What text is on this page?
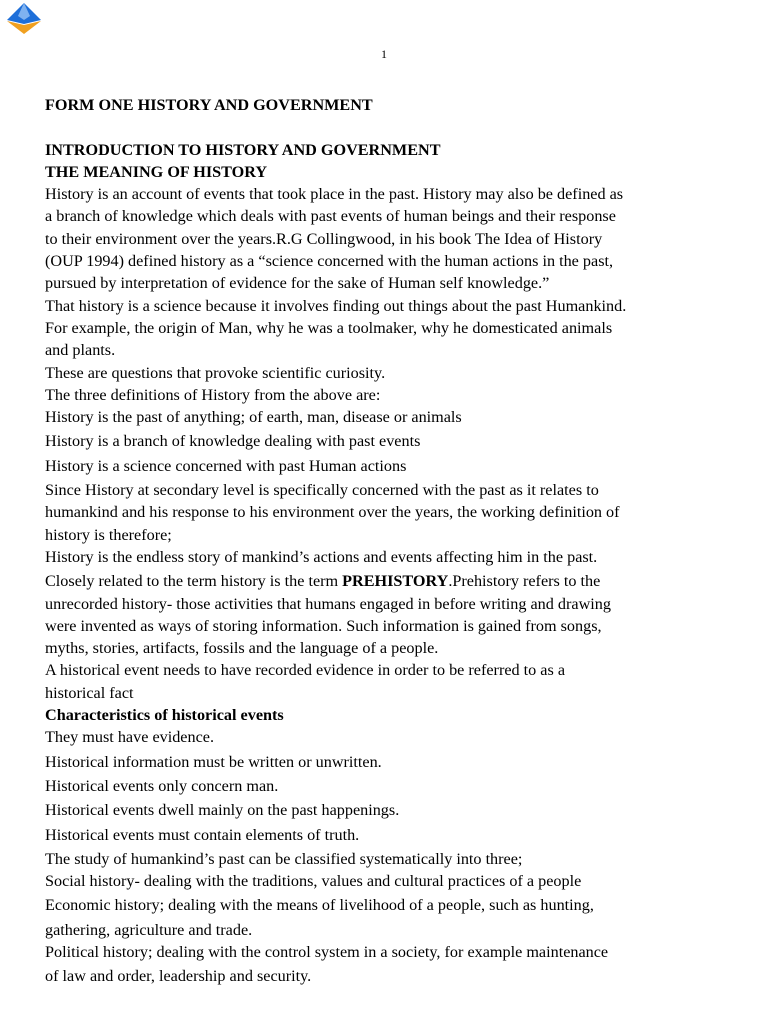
1
FORM ONE HISTORY AND GOVERNMENT
INTRODUCTION TO HISTORY AND GOVERNMENT
THE MEANING OF HISTORY
History is an account of events that took place in the past. History may also be defined as
a branch of knowledge which deals with past events of human beings and their response
to their environment over the years.R.G Collingwood, in his book The Idea of History
(OUP 1994) defined history as a “science concerned with the human actions in the past,
pursued by interpretation of evidence for the sake of Human self knowledge.”
That history is a science because it involves finding out things about the past Humankind.
For example, the origin of Man, why he was a toolmaker, why he domesticated animals
and plants.
These are questions that provoke scientific curiosity.
The three definitions of History from the above are:
History is the past of anything; of earth, man, disease or animals
History is a branch of knowledge dealing with past events
History is a science concerned with past Human actions
Since History at secondary level is specifically concerned with the past as it relates to
humankind and his response to his environment over the years, the working definition of
history is therefore;
History is the endless story of mankind’s actions and events affecting him in the past.
Closely related to the term history is the term PREHISTORY.Prehistory refers to the
unrecorded history- those activities that humans engaged in before writing and drawing
were invented as ways of storing information. Such information is gained from songs,
myths, stories, artifacts, fossils and the language of a people.
A historical event needs to have recorded evidence in order to be referred to as a
historical fact
Characteristics of historical events
They must have evidence.
Historical information must be written or unwritten.
Historical events only concern man.
Historical events dwell mainly on the past happenings.
Historical events must contain elements of truth.
The study of humankind’s past can be classified systematically into three;
Social history- dealing with the traditions, values and cultural practices of a people
Economic history; dealing with the means of livelihood of a people, such as hunting,
gathering, agriculture and trade.
Political history; dealing with the control system in a society, for example maintenance
of law and order, leadership and security.
